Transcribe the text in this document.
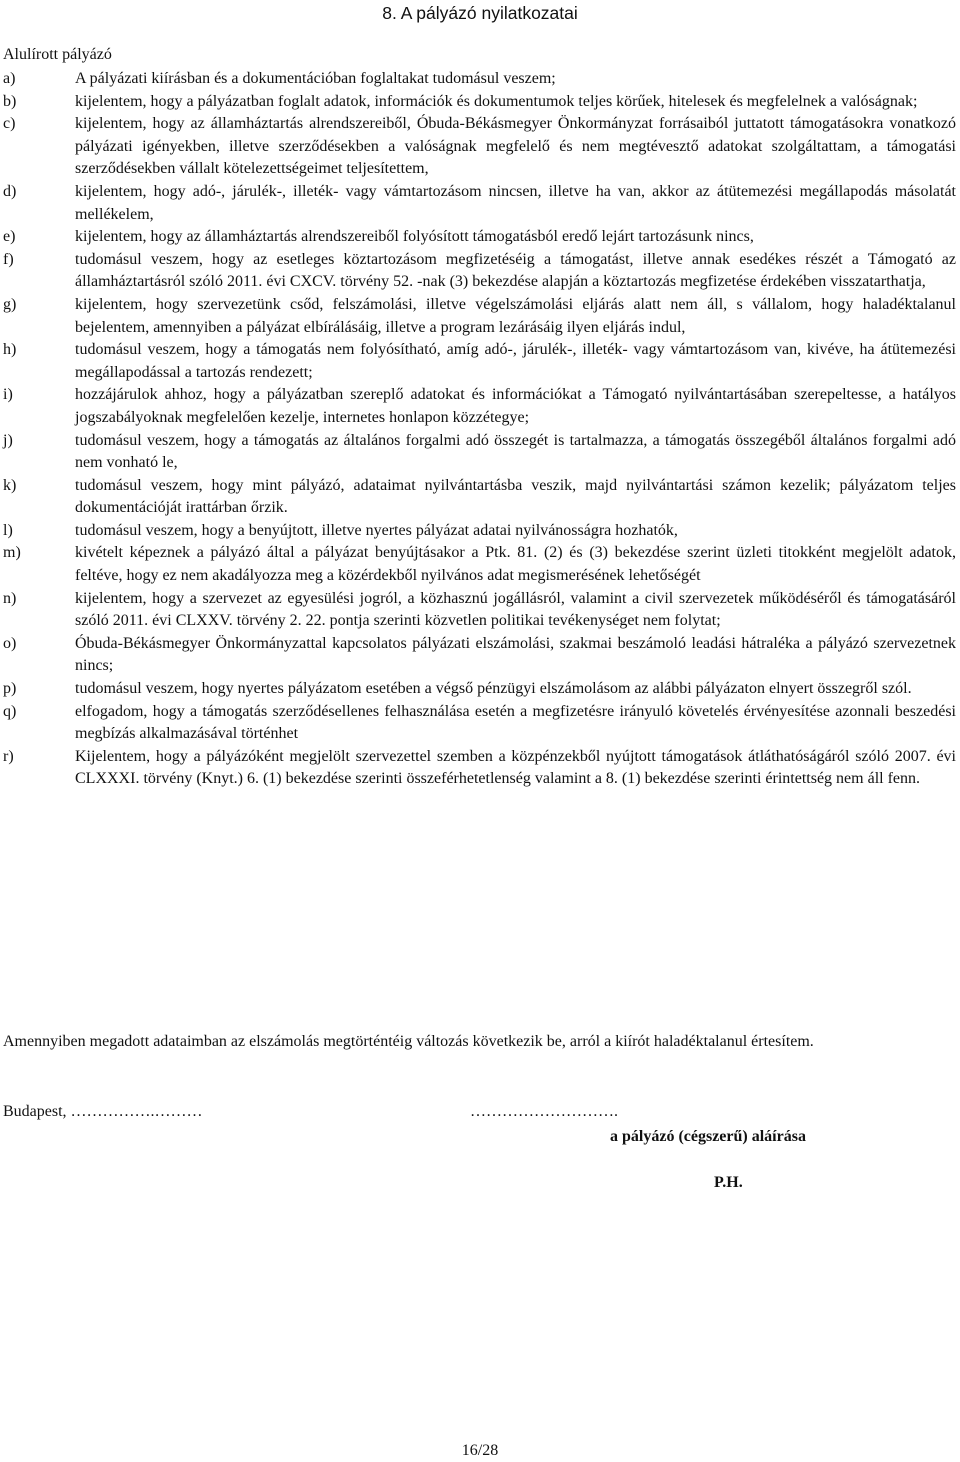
8. A pályázó nyilatkozatai
Alulírott pályázó
a)	A pályázati kiírásban és a dokumentációban foglaltakat tudomásul veszem;
b)	kijelentem, hogy a pályázatban foglalt adatok, információk és dokumentumok teljes körűek, hitelesek és megfelelnek a valóságnak;
c)	kijelentem, hogy az államháztartás alrendszereiből, Óbuda-Békásmegyer Önkormányzat forrásaiból juttatott támogatásokra vonatkozó pályázati igényekben, illetve szerződésekben a valóságnak megfelelő és nem megtévesztő adatokat szolgáltattam, a támogatási szerződésekben vállalt kötelezettségeimet teljesítettem,
d)	kijelentem, hogy adó-, járulék-, illeték- vagy vámtartozásom nincsen, illetve ha van, akkor az átütemezési megállapodás másolatát mellékelem,
e)	kijelentem, hogy az államháztartás alrendszereiből folyósított támogatásból eredő lejárt tartozásunk nincs,
f)	tudomásul veszem, hogy az esetleges köztartozásom megfizetéséig a támogatást, illetve annak esedékes részét a Támogató az államháztartásról szóló 2011. évi CXCV. törvény 52. -nak (3) bekezdése alapján a köztartozás megfizetése érdekében visszatarthatja,
g)	kijelentem, hogy szervezetünk csőd, felszámolási, illetve végelszámolási eljárás alatt nem áll, s vállalom, hogy haladéktalanul bejelentem, amennyiben a pályázat elbírálásáig, illetve a program lezárásáig ilyen eljárás indul,
h)	tudomásul veszem, hogy a támogatás nem folyósítható, amíg adó-, járulék-, illeték- vagy vámtartozásom van, kivéve, ha átütemezési megállapodással a tartozás rendezett;
i)	hozzájárulok ahhoz, hogy a pályázatban szereplő adatokat és információkat a Támogató nyilvántartásában szerepeltesse, a hatályos jogszabályoknak megfelelően kezelje, internetes honlapon közzétegye;
j)	tudomásul veszem, hogy a támogatás az általános forgalmi adó összegét is tartalmazza, a támogatás összegéből általános forgalmi adó nem vonható le,
k)	tudomásul veszem, hogy mint pályázó, adataimat nyilvántartásba veszik, majd nyilvántartási számon kezelik; pályázatom teljes dokumentációját irattárban őrzik.
l)	tudomásul veszem, hogy a benyújtott, illetve nyertes pályázat adatai nyilvánosságra hozhatók,
m)	kivételt képeznek a pályázó által a pályázat benyújtásakor a Ptk. 81. (2) és (3) bekezdése szerint üzleti titokként megjelölt adatok, feltéve, hogy ez nem akadályozza meg a közérdekből nyilvános adat megismerésének lehetőségét
n)	kijelentem, hogy a szervezet az egyesülési jogról, a közhasznú jogállásról, valamint a civil szervezetek működéséről és támogatásáról szóló 2011. évi CLXXV. törvény 2. 22. pontja szerinti közvetlen politikai tevékenységet nem folytat;
o)	Óbuda-Békásmegyer Önkormányzattal kapcsolatos pályázati elszámolási, szakmai beszámoló leadási hátraléka a pályázó szervezetnek nincs;
p)	tudomásul veszem, hogy nyertes pályázatom esetében a végső pénzügyi elszámolásom az alábbi pályázaton elnyert összegről szól.
q)	elfogadom, hogy a támogatás szerződésellenes felhasználása esetén a megfizetésre irányuló követelés érvényesítése azonnali beszedési megbízás alkalmazásával történhet
r)	Kijelentem, hogy a pályázóként megjelölt szervezettel szemben a közpénzekből nyújtott támogatások átláthatóságáról szóló 2007. évi CLXXXI. törvény (Knyt.) 6. (1) bekezdése szerinti összeférhetetlenség valamint a 8. (1) bekezdése szerinti érintettség nem áll fenn.
Amennyiben megadott adataimban az elszámolás megtörténtéig változás következik be, arról a kiírót haladéktalanul értesítem.
Budapest, …………….………	……………………….
a pályázó (cégszerű) aláírása
P.H.
16/28
